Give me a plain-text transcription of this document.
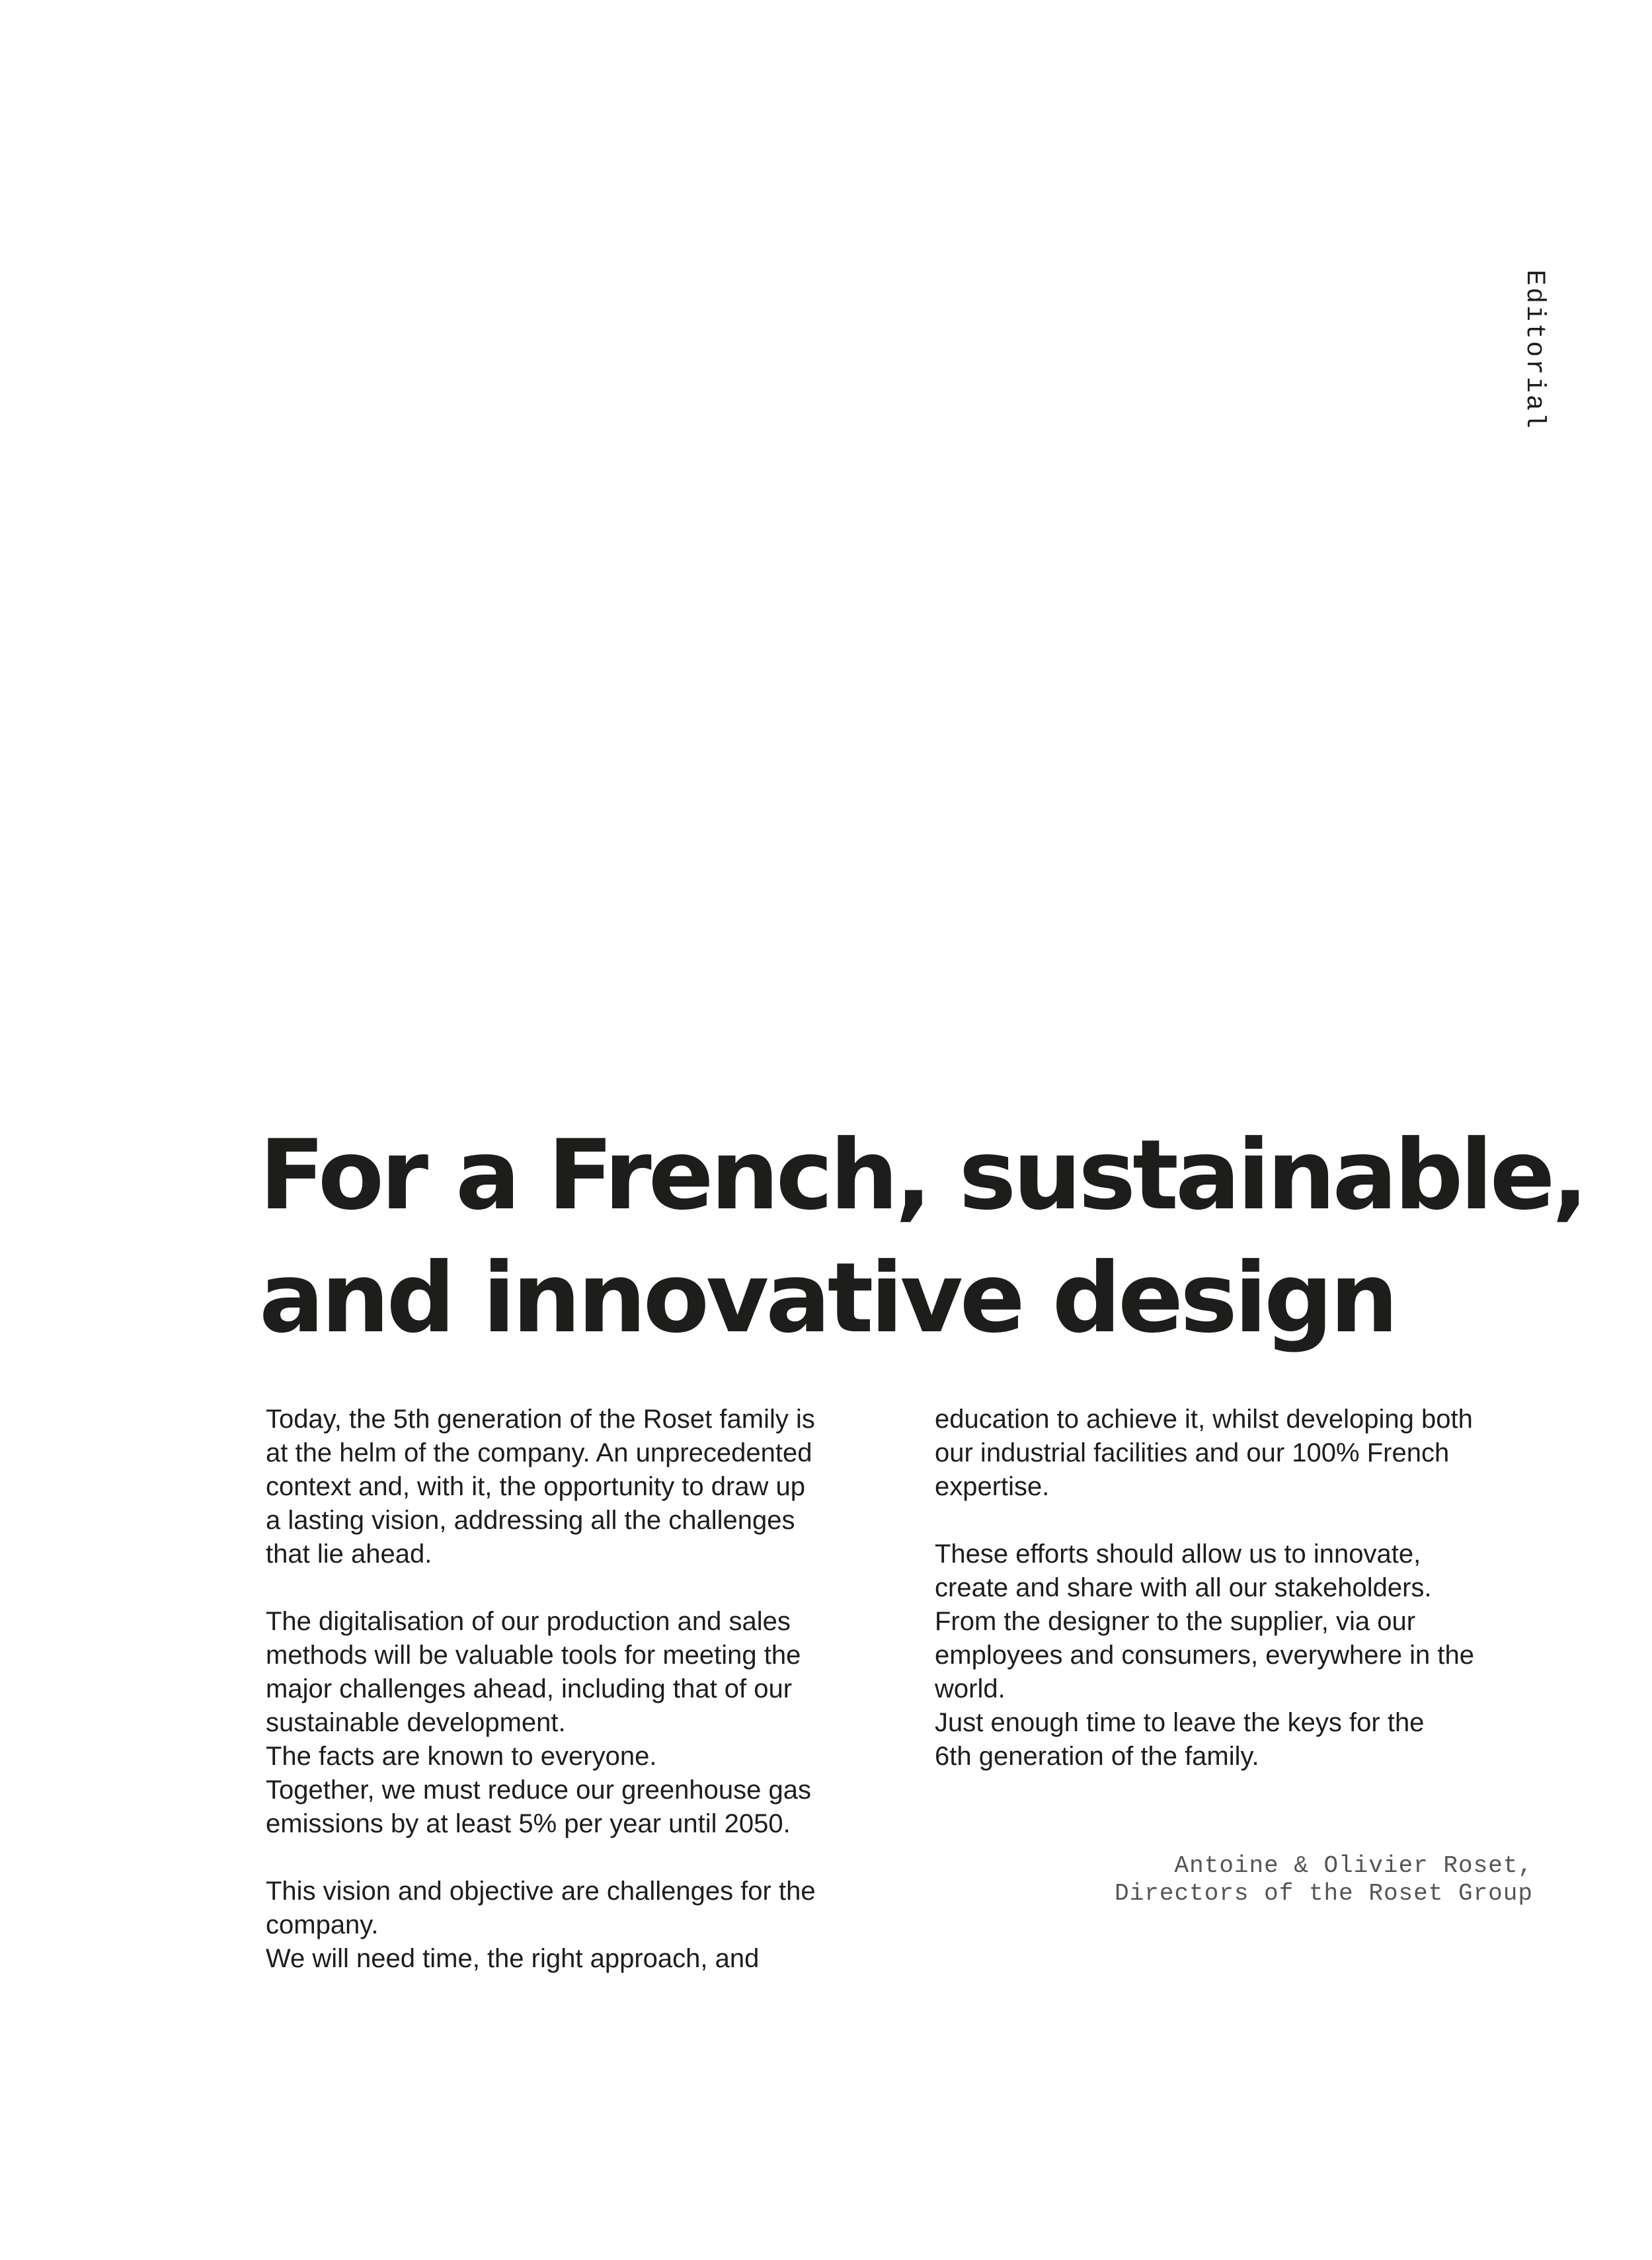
Editorial
For a French, sustainable,
and innovative design

Today, the 5th generation of the Roset family is
at the helm of the company. An unprecedented
context and, with it, the opportunity to draw up
a lasting vision, addressing all the challenges
that lie ahead.

The digitalisation of our production and sales
methods will be valuable tools for meeting the
major challenges ahead, including that of our
sustainable development.
The facts are known to everyone.
Together, we must reduce our greenhouse gas
emissions by at least 5% per year until 2050.

This vision and objective are challenges for the
company.
We will need time, the right approach, and

education to achieve it, whilst developing both
our industrial facilities and our 100% French
expertise.

These efforts should allow us to innovate,
create and share with all our stakeholders.
From the designer to the supplier, via our
employees and consumers, everywhere in the
world.
Just enough time to leave the keys for the
6th generation of the family.

Antoine & Olivier Roset,
Directors of the Roset Group
